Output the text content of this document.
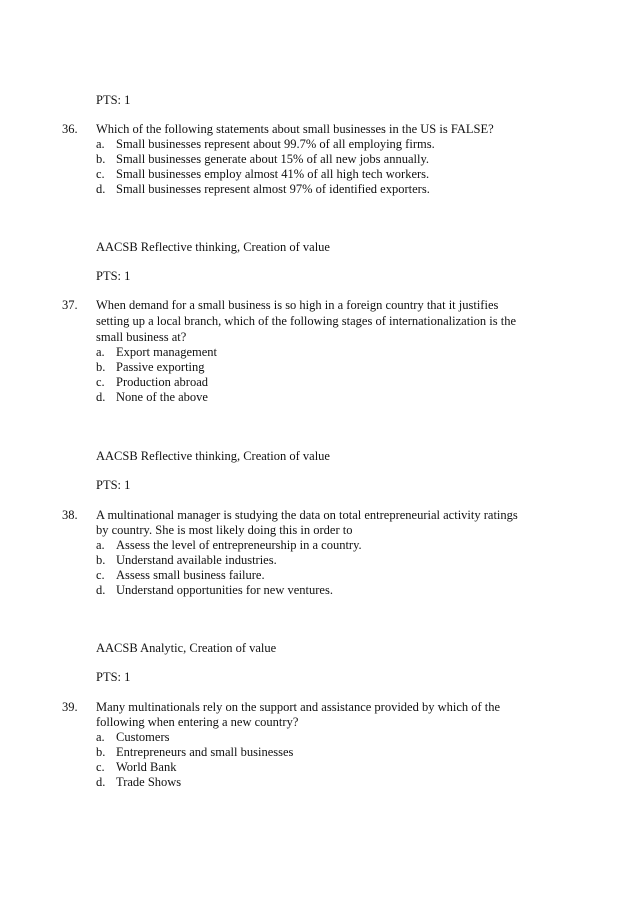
PTS: 1
36. Which of the following statements about small businesses in the US is FALSE?
a. Small businesses represent about 99.7% of all employing firms.
b. Small businesses generate about 15% of all new jobs annually.
c. Small businesses employ almost 41% of all high tech workers.
d. Small businesses represent almost 97% of identified exporters.
AACSB Reflective thinking, Creation of value
PTS: 1
37. When demand for a small business is so high in a foreign country that it justifies
setting up a local branch, which of the following stages of internationalization is the
small business at?
a. Export management
b. Passive exporting
c. Production abroad
d. None of the above
AACSB Reflective thinking, Creation of value
PTS: 1
38. A multinational manager is studying the data on total entrepreneurial activity ratings
by country. She is most likely doing this in order to
a. Assess the level of entrepreneurship in a country.
b. Understand available industries.
c. Assess small business failure.
d. Understand opportunities for new ventures.
AACSB Analytic, Creation of value
PTS: 1
39. Many multinationals rely on the support and assistance provided by which of the
following when entering a new country?
a. Customers
b. Entrepreneurs and small businesses
c. World Bank
d. Trade Shows
